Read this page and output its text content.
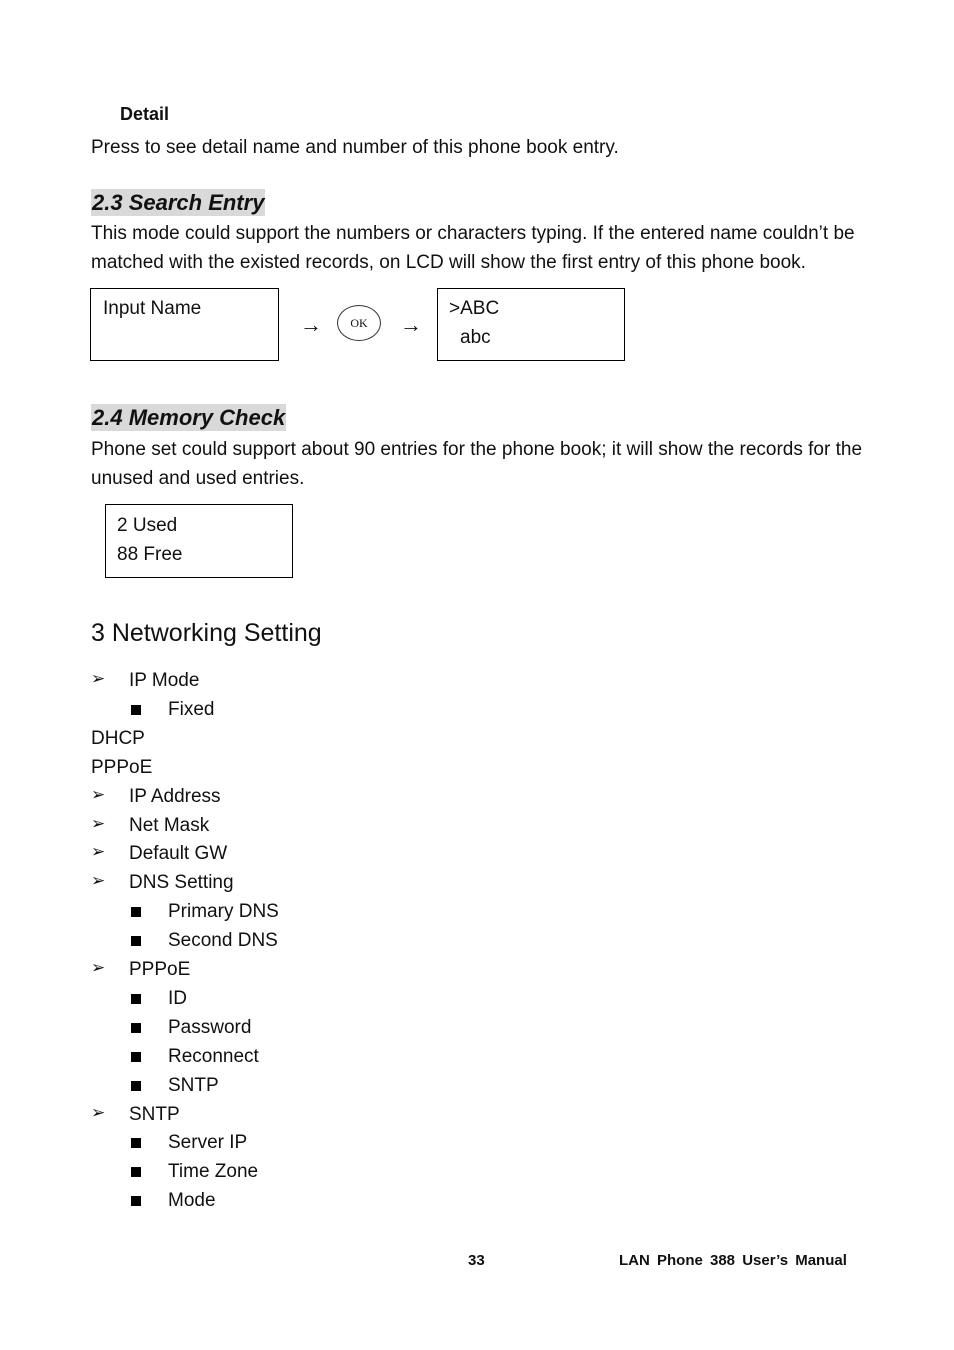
Detail
Press to see detail name and number of this phone book entry.
2.3 Search Entry
This mode could support the numbers or characters typing. If the entered name couldn’t be
matched with the existed records, on LCD will show the first entry of this phone book.
Input Name
→ OK →
>ABC
abc
2.4 Memory Check
Phone set could support about 90 entries for the phone book; it will show the records for the
unused and used entries.
2 Used
88 Free
3 Networking Setting
➢ IP Mode
Fixed
DHCP
PPPoE
➢ IP Address
➢ Net Mask
➢ Default GW
➢ DNS Setting
Primary DNS
Second DNS
➢ PPPoE
ID
Password
Reconnect
SNTP
➢ SNTP
Server IP
Time Zone
Mode
33	LAN Phone 388 User’s Manual
